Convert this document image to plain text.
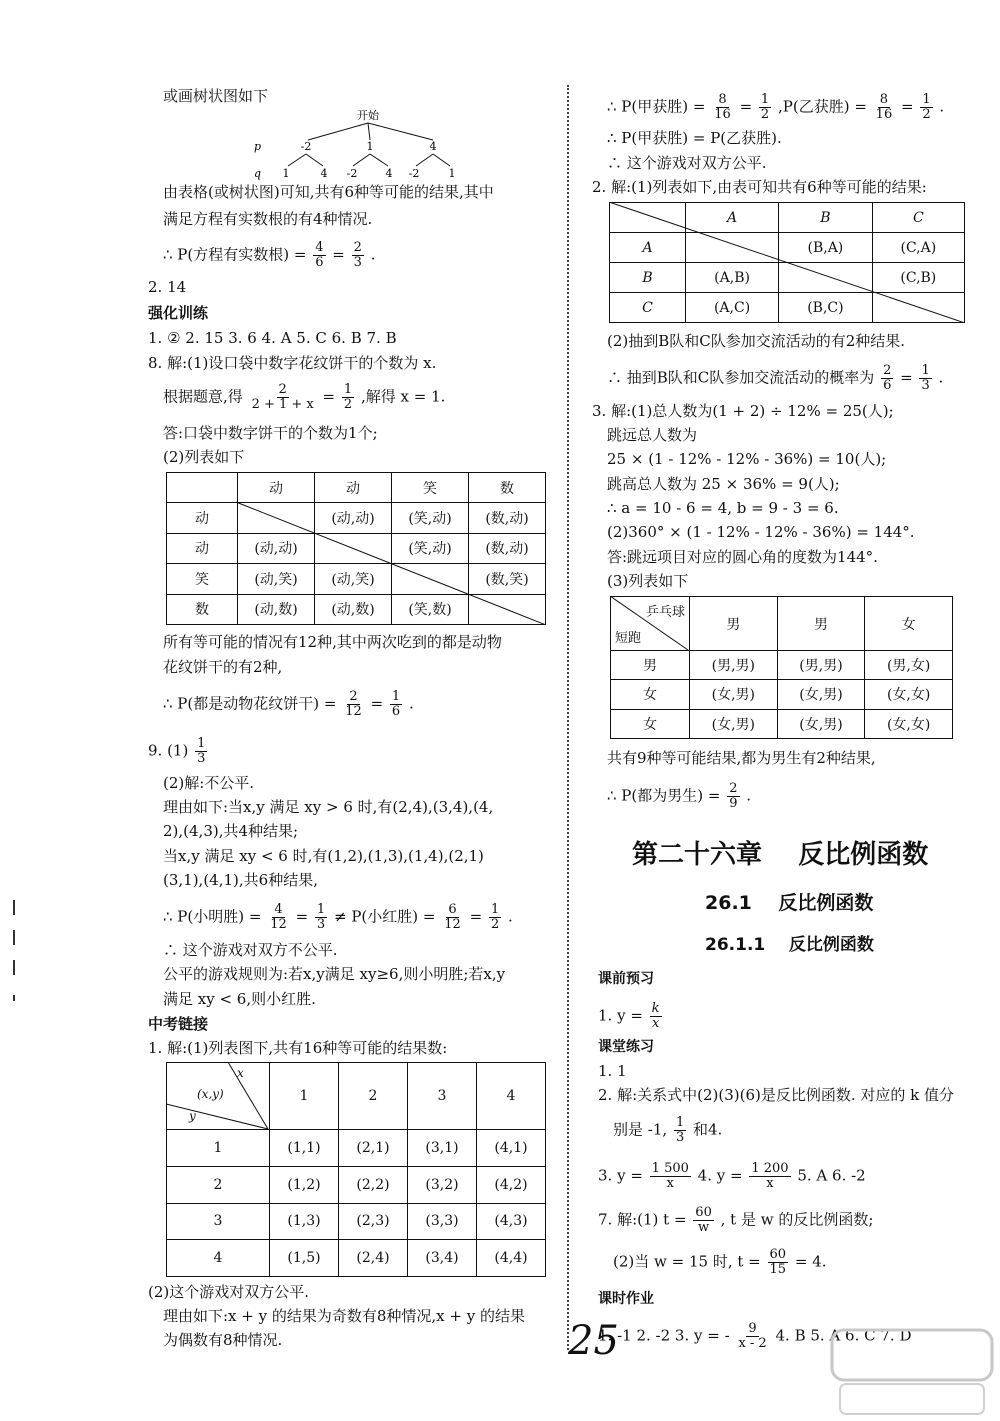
或画树状图如下
开始
p	-2	1	4
q 1	4 -2	4 -2	1
由表格(或树状图)可知,共有6种等可能的结果,其中
满足方程有实数根的有4种情况.
∴ P(方程有实数根) = $\frac{4}{6} = \frac{2}{3}$ .
2. 14
强化训练
1. ② 2. 15 3. 6 4. A 5. C 6. B 7. B
8. 解:(1)设口袋中数字花纹饼干的个数为 x.
根据题意,得 $\frac{2}{2 + 1 + x} = \frac{1}{2}$ ,解得 x = 1.
答:口袋中数字饼干的个数为1个;
(2)列表如下
	动	动	笑	数
动		(动,动)	(笑,动)	(数,动)
动	(动,动)		(笑,动)	(数,动)
笑	(动,笑)	(动,笑)		(数,笑)
数	(动,数)	(动,数)	(笑,数)	
所有等可能的情况有12种,其中两次吃到的都是动物
花纹饼干的有2种,
∴ P(都是动物花纹饼干) = $\frac{2}{12} = \frac{1}{6}$ .
9. $(1) \frac{1}{3}$
(2)解:不公平.
理由如下:当x,y 满足 xy > 6 时,有(2,4),(3,4),(4,
2),(4,3),共4种结果;
当x,y 满足 xy < 6 时,有(1,2),(1,3),(1,4),(2,1)
(3,1),(4,1),共6种结果,
∴ P(小明胜) = $\frac{4}{12} = \frac{1}{3} \ne P$(小红胜) = $\frac{6}{12} = \frac{1}{2}$ .
∴ 这个游戏对双方不公平.
公平的游戏规则为:若x,y满足 xy≥6,则小明胜;若x,y
满足 xy < 6,则小红胜.
中考链接
1. 解:(1)列表图下,共有16种等可能的结果数:
x
(x,y)
y	1	2	3	4
1	(1,1)	(2,1)	(3,1)	(4,1)
2	(1,2)	(2,2)	(3,2)	(4,2)
3	(1,3)	(2,3)	(3,3)	(4,3)
4	(1,5)	(2,4)	(3,4)	(4,4)
(2)这个游戏对双方公平.
理由如下:x + y 的结果为奇数有8种情况,x + y 的结果
为偶数有8种情况.
∴ P(甲获胜) = $\frac{8}{16} = \frac{1}{2} ,P$(乙获胜) = $\frac{8}{16} = \frac{1}{2}$ .
∴ P(甲获胜) = P(乙获胜).
∴ 这个游戏对双方公平.
2. 解:(1)列表如下,由表可知共有6种等可能的结果:
	A	B	C
A		(B,A)	(C,A)
B	(A,B)		(C,B)
C	(A,C)	(B,C)	
(2)抽到B队和C队参加交流活动的有2种结果.
∴ 抽到B队和C队参加交流活动的概率为 $\frac{2}{6} = \frac{1}{3}$ .
3. 解:(1)总人数为(1 + 2) ÷ 12% = 25(人);
跳远总人数为
25 × (1 - 12% - 12% - 36%) = 10(人);
跳高总人数为 25 × 36% = 9(人);
∴ a = 10 - 6 = 4, b = 9 - 3 = 6.
(2)360° × (1 - 12% - 12% - 36%) = 144°.
答:跳远项目对应的圆心角的度数为144°.
(3)列表如下
乒乓球
短跑	男	男	女
男	(男,男)	(男,男)	(男,女)
女	(女,男)	(女,男)	(女,女)
女	(女,男)	(女,男)	(女,女)
共有9种等可能结果,都为男生有2种结果,
∴ P(都为男生) = $\frac{2}{9}$ .
第二十六章    反比例函数
26.1    反比例函数
26.1.1    反比例函数
课前预习
1. $y = \frac{k}{x}$
课堂练习
1. 1
2. 解:关系式中(2)(3)(6)是反比例函数. 对应的 k 值分
别是 -1, $\frac{1}{3}$ 和4.
3. $y = \frac{1 500}{x} 4$. $y = \frac{1 200}{x} 5$. A 6. -2
7. 解:(1) $t = \frac{60}{w}$ , t 是 w 的反比例函数;
(2)当 w = 15 时, $t = \frac{60}{15} = 4$.
课时作业
1. -1 2. -2 3. y = - $\frac{9}{x - 2} 4$. B 5. A 6. C 7. D
25
